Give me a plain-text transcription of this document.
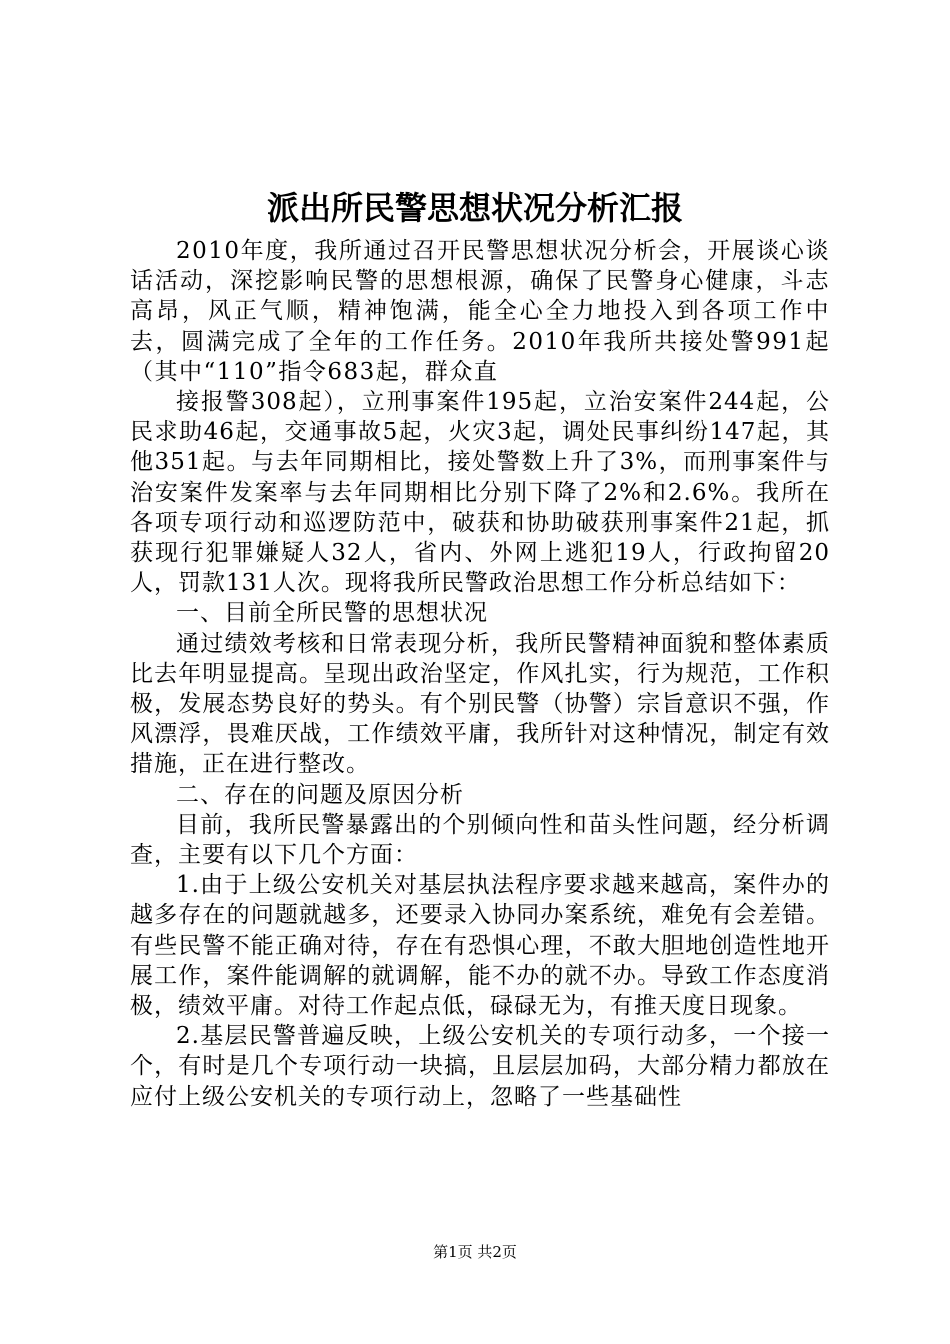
派出所民警思想状况分析汇报

2010年度，我所通过召开民警思想状况分析会，开展谈心谈话活动，深挖影响民警的思想根源，确保了民警身心健康，斗志高昂，风正气顺，精神饱满，能全心全力地投入到各项工作中去，圆满完成了全年的工作任务。2010年我所共接处警991起（其中“110”指令683起，群众直

接报警308起），立刑事案件195起，立治安案件244起，公民求助46起，交通事故5起，火灾3起，调处民事纠纷147起，其他351起。与去年同期相比，接处警数上升了3%，而刑事案件与治安案件发案率与去年同期相比分别下降了2%和2.6%。我所在各项专项行动和巡逻防范中，破获和协助破获刑事案件21起，抓获现行犯罪嫌疑人32人，省内、外网上逃犯19人，行政拘留20人，罚款131人次。现将我所民警政治思想工作分析总结如下：

一、目前全所民警的思想状况

通过绩效考核和日常表现分析，我所民警精神面貌和整体素质比去年明显提高。呈现出政治坚定，作风扎实，行为规范，工作积极，发展态势良好的势头。有个别民警（协警）宗旨意识不强，作风漂浮，畏难厌战，工作绩效平庸，我所针对这种情况，制定有效措施，正在进行整改。

二、存在的问题及原因分析

目前，我所民警暴露出的个别倾向性和苗头性问题，经分析调查，主要有以下几个方面：

1.由于上级公安机关对基层执法程序要求越来越高，案件办的越多存在的问题就越多，还要录入协同办案系统，难免有会差错。有些民警不能正确对待，存在有恐惧心理，不敢大胆地创造性地开展工作，案件能调解的就调解，能不办的就不办。导致工作态度消极，绩效平庸。对待工作起点低，碌碌无为，有推天度日现象。

2.基层民警普遍反映，上级公安机关的专项行动多，一个接一个，有时是几个专项行动一块搞，且层层加码，大部分精力都放在应付上级公安机关的专项行动上，忽略了一些基础性

第1页 共2页
